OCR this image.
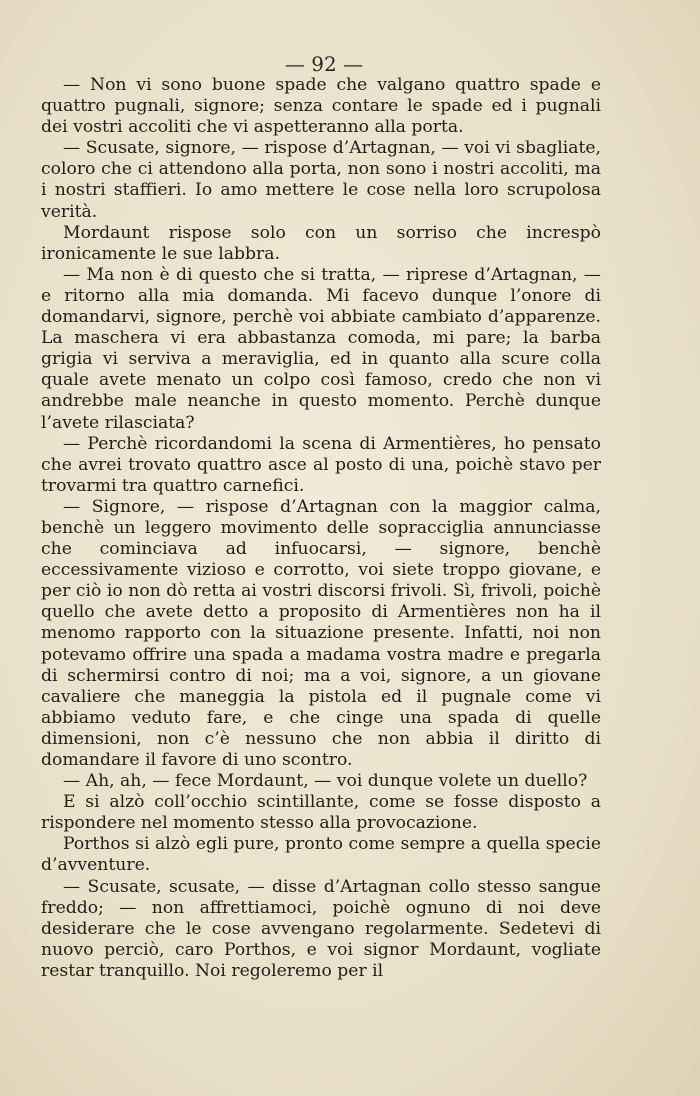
— 92 —

— Non vi sono buone spade che valgano quattro spade e quattro pugnali, signore; senza contare le spade ed i pugnali dei vostri accoliti che vi aspetteranno alla porta.

— Scusate, signore, — rispose d’Artagnan, — voi vi sbagliate, coloro che ci attendono alla porta, non sono i nostri accoliti, ma i nostri staffieri. Io amo mettere le cose nella loro scrupolosa verità.

Mordaunt rispose solo con un sorriso che increspò ironicamente le sue labbra.

— Ma non è di questo che si tratta, — riprese d’Artagnan, — e ritorno alla mia domanda. Mi facevo dunque l’onore di domandarvi, signore, perchè voi abbiate cambiato d’apparenze. La maschera vi era abbastanza comoda, mi pare; la barba grigia vi serviva a meraviglia, ed in quanto alla scure colla quale avete menato un colpo così famoso, credo che non vi andrebbe male neanche in questo momento. Perchè dunque l’avete rilasciata?

— Perchè ricordandomi la scena di Armentières, ho pensato che avrei trovato quattro asce al posto di una, poichè stavo per trovarmi tra quattro carnefici.

— Signore, — rispose d’Artagnan con la maggior calma, benchè un leggero movimento delle sopracciglia annunciasse che cominciava ad infuocarsi, — signore, benchè eccessivamente vizioso e corrotto, voi siete troppo giovane, e per ciò io non dò retta ai vostri discorsi frivoli. Sì, frivoli, poichè quello che avete detto a proposito di Armentières non ha il menomo rapporto con la situazione presente. Infatti, noi non potevamo offrire una spada a madama vostra madre e pregarla di schermirsi contro di noi; ma a voi, signore, a un giovane cavaliere che maneggia la pistola ed il pugnale come vi abbiamo veduto fare, e che cinge una spada di quelle dimensioni, non c’è nessuno che non abbia il diritto di domandare il favore di uno scontro.

— Ah, ah, — fece Mordaunt, — voi dunque volete un duello?

E si alzò coll’occhio scintillante, come se fosse disposto a rispondere nel momento stesso alla provocazione.

Porthos si alzò egli pure, pronto come sempre a quella specie d’avventure.

— Scusate, scusate, — disse d’Artagnan collo stesso sangue freddo; — non affrettiamoci, poichè ognuno di noi deve desiderare che le cose avvengano regolarmente. Sedetevi di nuovo perciò, caro Porthos, e voi signor Mordaunt, vogliate restar tranquillo. Noi regoleremo per il
